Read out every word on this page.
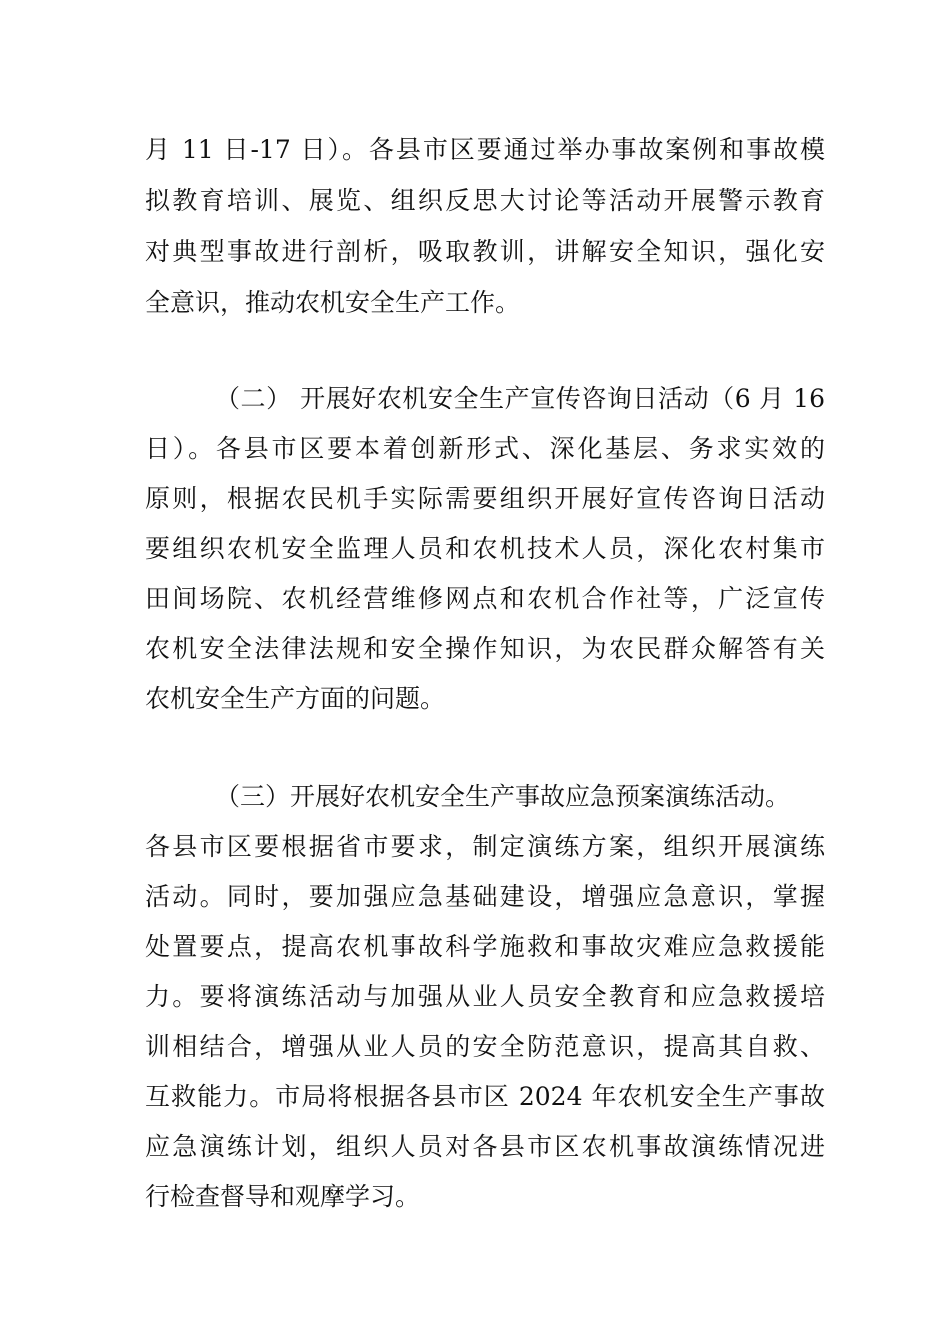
月 11 日-17 日）。各县市区要通过举办事故案例和事故模
拟教育培训、展览、组织反思大讨论等活动开展警示教育
对典型事故进行剖析，吸取教训，讲解安全知识，强化安
全意识，推动农机安全生产工作。
（二） 开展好农机安全生产宣传咨询日活动（6 月 16
日）。各县市区要本着创新形式、深化基层、务求实效的
原则，根据农民机手实际需要组织开展好宣传咨询日活动
要组织农机安全监理人员和农机技术人员，深化农村集市
田间场院、农机经营维修网点和农机合作社等，广泛宣传
农机安全法律法规和安全操作知识，为农民群众解答有关
农机安全生产方面的问题。
（三）开展好农机安全生产事故应急预案演练活动。
各县市区要根据省市要求，制定演练方案，组织开展演练
活动。同时，要加强应急基础建设，增强应急意识，掌握
处置要点，提高农机事故科学施救和事故灾难应急救援能
力。要将演练活动与加强从业人员安全教育和应急救援培
训相结合，增强从业人员的安全防范意识，提高其自救、
互救能力。市局将根据各县市区 2024 年农机安全生产事故
应急演练计划，组织人员对各县市区农机事故演练情况进
行检查督导和观摩学习。
